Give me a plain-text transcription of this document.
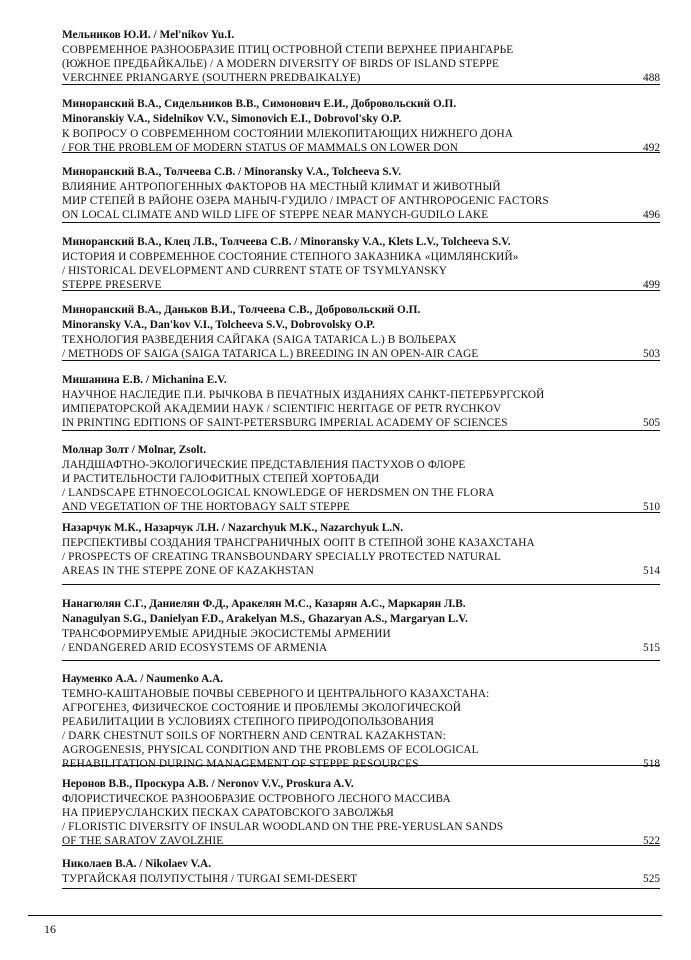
Мельников Ю.И. / Mel'nikov Yu.I.
СОВРЕМЕННОЕ РАЗНООБРАЗИЕ ПТИЦ ОСТРОВНОЙ СТЕПИ ВЕРХНЕЕ ПРИАНГАРЬЕ
(ЮЖНОЕ ПРЕДБАЙКАЛЬЕ) / A MODERN DIVERSITY OF BIRDS OF ISLAND STEPPE
VERCHNEE PRIANGARYE (SOUTHERN PREDBAIKALYE)	488
Миноранский В.А., Сидельников В.В., Симонович Е.И., Добровольский О.П.
Minoranskiy V.A., Sidelnikov V.V., Simonovich E.I., Dobrovol'sky O.P.
К ВОПРОСУ О СОВРЕМЕННОМ СОСТОЯНИИ МЛЕКОПИТАЮЩИХ НИЖНЕГО ДОНА
/ FOR THE PROBLEM OF MODERN STATUS OF MAMMALS ON LOWER DON	492
Миноранский В.А., Толчеева С.В. / Minoransky V.A., Tolcheeva S.V.
ВЛИЯНИЕ АНТРОПОГЕННЫХ ФАКТОРОВ НА МЕСТНЫЙ КЛИМАТ И ЖИВОТНЫЙ
МИР СТЕПЕЙ В РАЙОНЕ ОЗЕРА МАНЫЧ-ГУДИЛО / IMPACT OF ANTHROPOGENIC FACTORS
ON LOCAL CLIMATE AND WILD LIFE OF STEPPE NEAR MANYCH-GUDILO LAKE	496
Миноранский В.А., Клец Л.В., Толчеева С.В. / Minoransky V.A., Klets L.V., Tolcheeva S.V.
ИСТОРИЯ И СОВРЕМЕННОЕ СОСТОЯНИЕ СТЕПНОГО ЗАКАЗНИКА «ЦИМЛЯНСКИЙ»
/ HISTORICAL DEVELOPMENT AND CURRENT STATE OF TSYMLYANSKY
STEPPE PRESERVE	499
Миноранский В.А., Даньков В.И., Толчеева С.В., Добровольский О.П.
Minoransky V.A., Dan'kov V.I., Tolcheeva S.V., Dobrovolsky O.P.
ТЕХНОЛОГИЯ РАЗВЕДЕНИЯ САЙГАКА (SAIGA TATARICA L.) В ВОЛЬЕРАХ
/ METHODS OF SAIGA (SAIGA TATARICA L.) BREEDING IN AN OPEN-AIR CAGE	503
Мишанина Е.В. / Michanina E.V.
НАУЧНОЕ НАСЛЕДИЕ П.И. РЫЧКОВА В ПЕЧАТНЫХ ИЗДАНИЯХ САНКТ-ПЕТЕРБУРГСКОЙ
ИМПЕРАТОРСКОЙ АКАДЕМИИ НАУК / SCIENTIFIC HERITAGE OF PETR RYCHKOV
IN PRINTING EDITIONS OF SAINT-PETERSBURG IMPERIAL ACADEMY OF SCIENCES	505
Молнар Золт / Molnar, Zsolt.
ЛАНДШАФТНО-ЭКОЛОГИЧЕСКИЕ ПРЕДСТАВЛЕНИЯ ПАСТУХОВ О ФЛОРЕ
И РАСТИТЕЛЬНОСТИ ГАЛОФИТНЫХ СТЕПЕЙ ХОРТОБАДИ
/ LANDSCAPE ETHNOECOLOGICAL KNOWLEDGE OF HERDSMEN ON THE FLORA
AND VEGETATION OF THE HORTOBAGY SALT STEPPE	510
Назарчук М.К., Назарчук Л.Н. / Nazarchyuk M.K., Nazarchyuk L.N.
ПЕРСПЕКТИВЫ СОЗДАНИЯ ТРАНСГРАНИЧНЫХ ООПТ В СТЕПНОЙ ЗОНЕ КАЗАХСТАНА
/ PROSPECTS OF CREATING TRANSBOUNDARY SPECIALLY PROTECTED NATURAL
AREAS IN THE STEPPE ZONE OF KAZAKHSTAN	514
Нанагюлян С.Г., Даниелян Ф.Д., Аракелян М.С., Казарян А.С., Маркарян Л.В.
Nanagulyan S.G., Danielyan F.D., Arakelyan M.S., Ghazaryan A.S., Margaryan L.V.
ТРАНСФОРМИРУЕМЫЕ АРИДНЫЕ ЭКОСИСТЕМЫ АРМЕНИИ
/ ENDANGERED ARID ECOSYSTEMS OF ARMENIA	515
Науменко А.А. / Naumenko A.A.
ТЕМНО-КАШТАНОВЫЕ ПОЧВЫ СЕВЕРНОГО И ЦЕНТРАЛЬНОГО КАЗАХСТАНА:
АГРОГЕНЕЗ, ФИЗИЧЕСКОЕ СОСТОЯНИЕ И ПРОБЛЕМЫ ЭКОЛОГИЧЕСКОЙ
РЕАБИЛИТАЦИИ В УСЛОВИЯХ СТЕПНОГО ПРИРОДОПОЛЬЗОВАНИЯ
/ DARK CHESTNUT SOILS OF NORTHERN AND CENTRAL KAZAKHSTAN:
AGROGENESIS, PHYSICAL CONDITION AND THE PROBLEMS OF ECOLOGICAL
REHABILITATION DURING MANAGEMENT OF STEPPE RESOURCES	518
Неронов В.В., Проскура А.В. / Neronov V.V., Proskura A.V.
ФЛОРИСТИЧЕСКОЕ РАЗНООБРАЗИЕ ОСТРОВНОГО ЛЕСНОГО МАССИВА
НА ПРИЕРУСЛАНСКИХ ПЕСКАХ САРАТОВСКОГО ЗАВОЛЖЬЯ
/ FLORISTIC DIVERSITY OF INSULAR WOODLAND ON THE PRE-YERUSLAN SANDS
OF THE SARATOV ZAVOLZHIE	522
Николаев В.А. / Nikolaev V.A.
ТУРГАЙСКАЯ ПОЛУПУСТЫНЯ / TURGAI SEMI-DESERT	525
16
